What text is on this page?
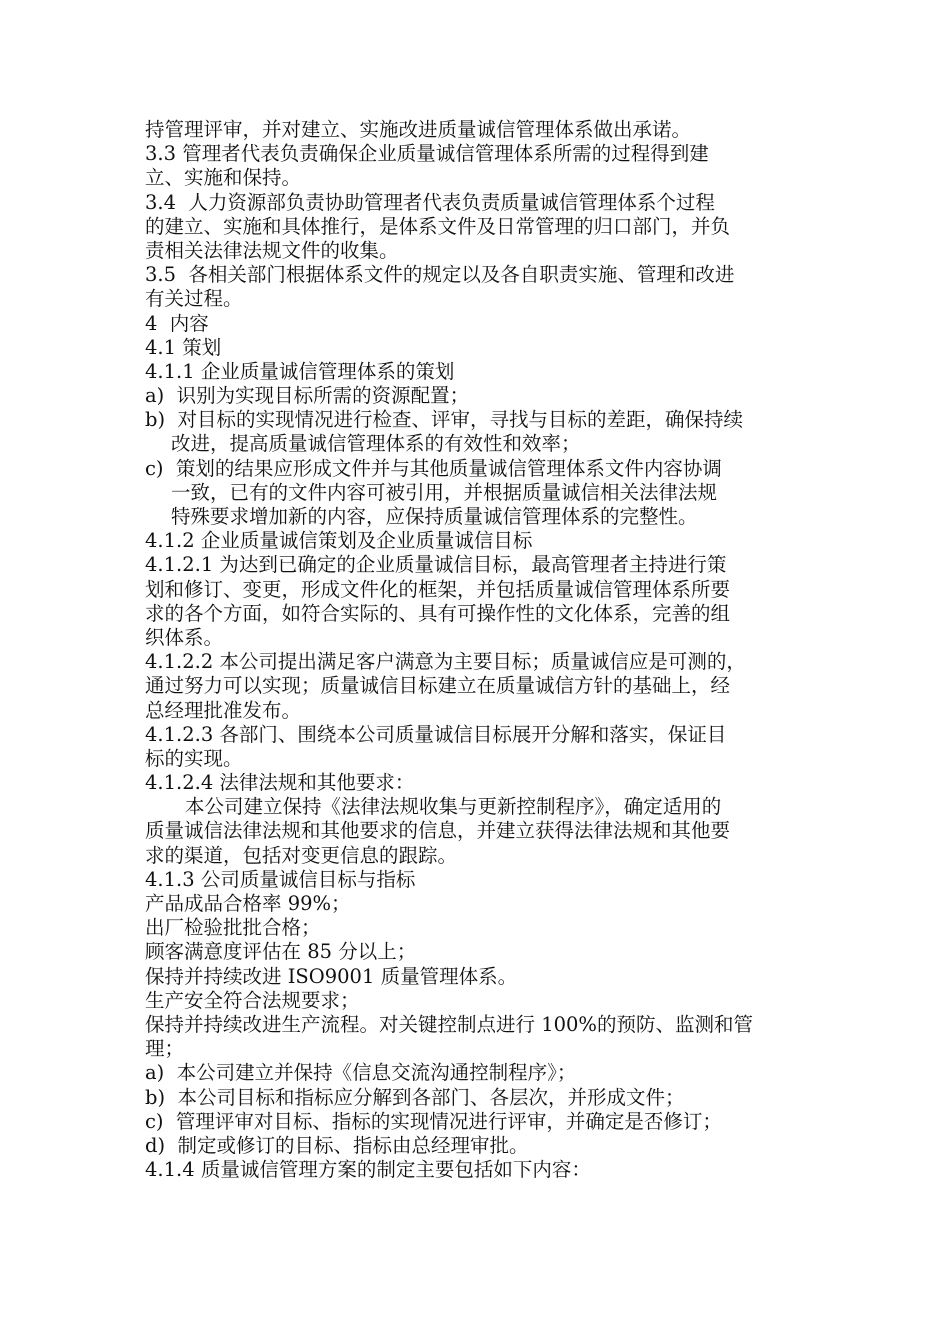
持管理评审，并对建立、实施改进质量诚信管理体系做出承诺。
3.3 管理者代表负责确保企业质量诚信管理体系所需的过程得到建
立、实施和保持。
3.4  人力资源部负责协助管理者代表负责质量诚信管理体系个过程
的建立、实施和具体推行，是体系文件及日常管理的归口部门，并负
责相关法律法规文件的收集。
3.5  各相关部门根据体系文件的规定以及各自职责实施、管理和改进
有关过程。
4  内容
4.1 策划
4.1.1 企业质量诚信管理体系的策划
a)  识别为实现目标所需的资源配置；
b)  对目标的实现情况进行检查、评审，寻找与目标的差距，确保持续
改进，提高质量诚信管理体系的有效性和效率；
c)  策划的结果应形成文件并与其他质量诚信管理体系文件内容协调
一致，已有的文件内容可被引用，并根据质量诚信相关法律法规
特殊要求增加新的内容，应保持质量诚信管理体系的完整性。
4.1.2 企业质量诚信策划及企业质量诚信目标
4.1.2.1 为达到已确定的企业质量诚信目标，最高管理者主持进行策
划和修订、变更，形成文件化的框架，并包括质量诚信管理体系所要
求的各个方面，如符合实际的、具有可操作性的文化体系，完善的组
织体系。
4.1.2.2 本公司提出满足客户满意为主要目标；质量诚信应是可测的，
通过努力可以实现；质量诚信目标建立在质量诚信方针的基础上，经
总经理批准发布。
4.1.2.3 各部门、围绕本公司质量诚信目标展开分解和落实，保证目
标的实现。
4.1.2.4 法律法规和其他要求：
本公司建立保持《法律法规收集与更新控制程序》，确定适用的
质量诚信法律法规和其他要求的信息，并建立获得法律法规和其他要
求的渠道，包括对变更信息的跟踪。
4.1.3 公司质量诚信目标与指标
产品成品合格率 99%；
出厂检验批批合格；
顾客满意度评估在 85 分以上；
保持并持续改进 ISO9001 质量管理体系。
生产安全符合法规要求；
保持并持续改进生产流程。对关键控制点进行 100%的预防、监测和管
理；
a)  本公司建立并保持《信息交流沟通控制程序》；
b)  本公司目标和指标应分解到各部门、各层次，并形成文件；
c)  管理评审对目标、指标的实现情况进行评审，并确定是否修订；
d)  制定或修订的目标、指标由总经理审批。
4.1.4 质量诚信管理方案的制定主要包括如下内容：
